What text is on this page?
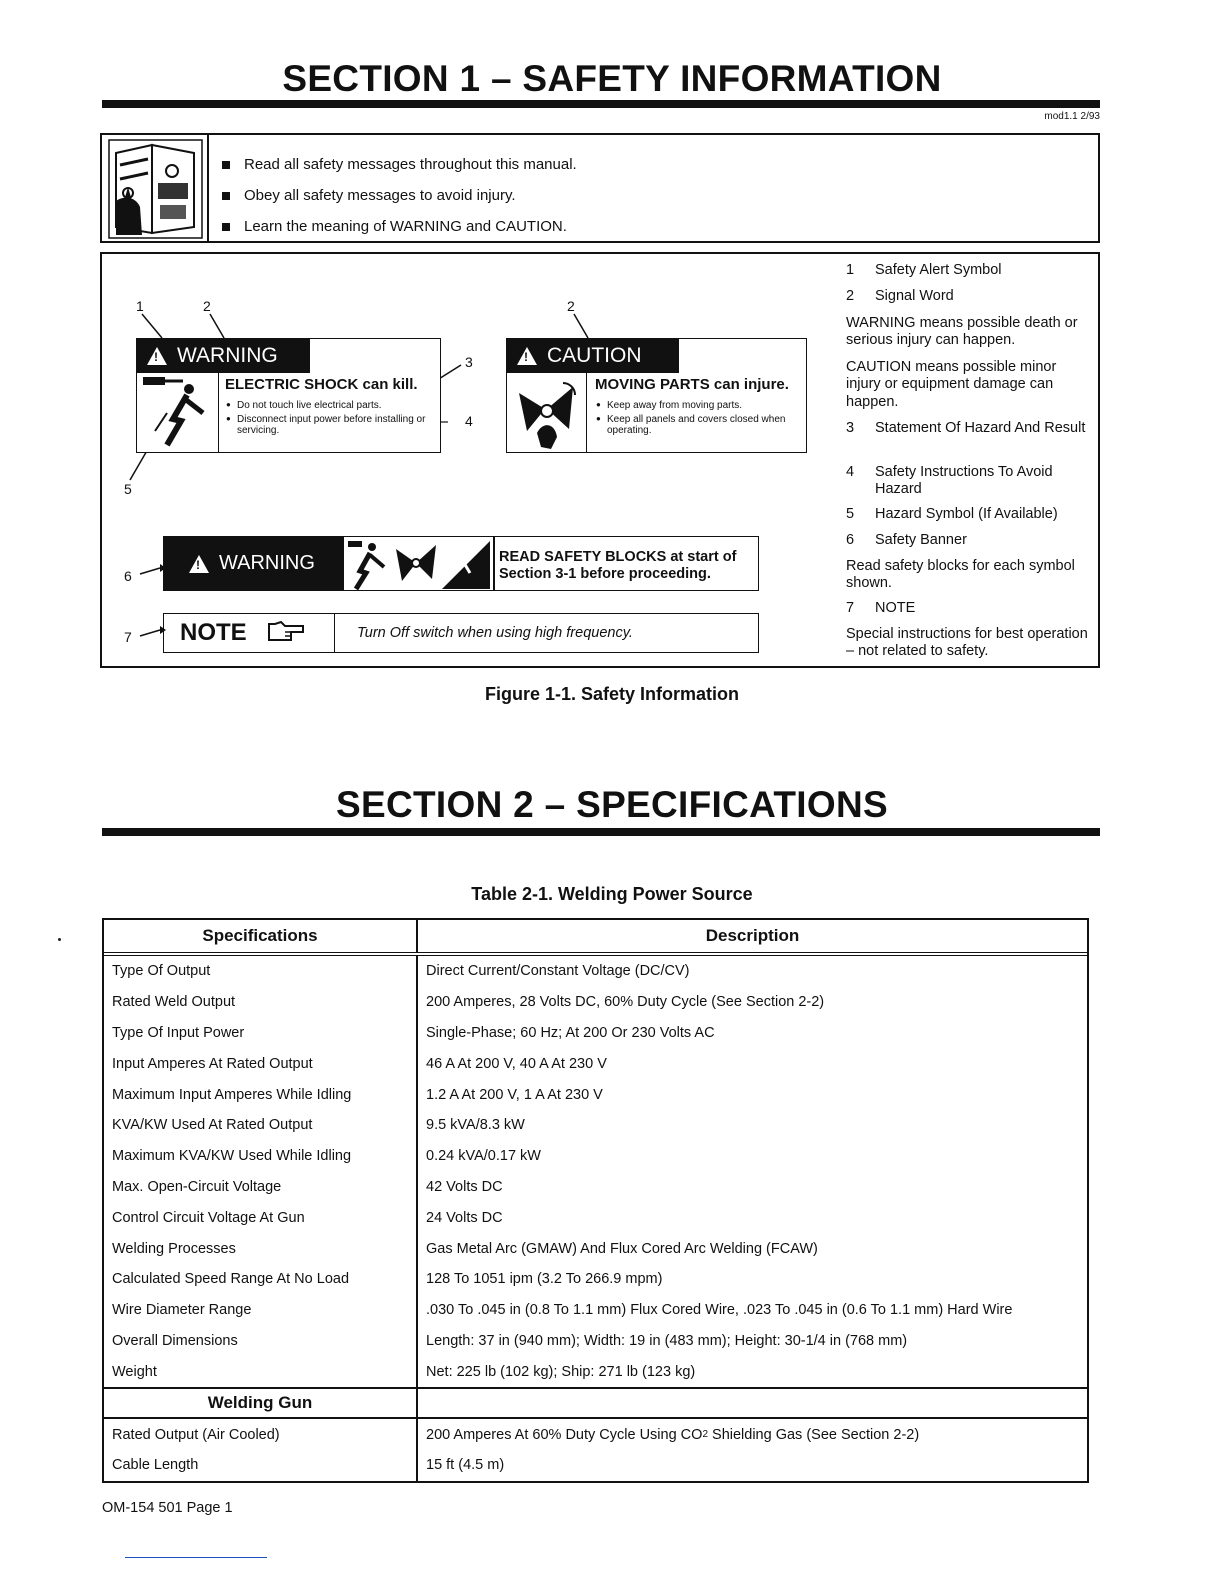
SECTION 1 – SAFETY INFORMATION
mod1.1 2/93
Read all safety messages throughout this manual.
Obey all safety messages to avoid injury.
Learn the meaning of WARNING and CAUTION.
1	2	2
3
4
5
6
7
!
WARNING
ELECTRIC SHOCK can kill.
● Do not touch live electrical parts.
● Disconnect input power before installing or servicing.
!
CAUTION
MOVING PARTS can injure.
● Keep away from moving parts.
● Keep all panels and covers closed when operating.
!
WARNING	READ SAFETY BLOCKS at start of
Section 3-1 before proceeding.
NOTE	Turn Off switch when using high frequency.
1 Safety Alert Symbol
2 Signal Word
WARNING means possible death or serious injury can happen.
CAUTION means possible minor injury or equipment damage can happen.
3 Statement Of Hazard And Result
4 Safety Instructions To Avoid Hazard
5 Hazard Symbol (If Available)
6 Safety Banner
Read safety blocks for each symbol shown.
7 NOTE
Special instructions for best operation – not related to safety.
Figure 1-1. Safety Information
SECTION 2 – SPECIFICATIONS
Table 2-1. Welding Power Source
Specifications	Description
Type Of Output	Direct Current/Constant Voltage (DC/CV)
Rated Weld Output	200 Amperes, 28 Volts DC, 60% Duty Cycle (See Section 2-2)
Type Of Input Power	Single-Phase; 60 Hz; At 200 Or 230 Volts AC
Input Amperes At Rated Output	46 A At 200 V, 40 A At 230 V
Maximum Input Amperes While Idling	1.2 A At 200 V, 1 A At 230 V
KVA/KW Used At Rated Output	9.5 kVA/8.3 kW
Maximum KVA/KW Used While Idling	0.24 kVA/0.17 kW
Max. Open-Circuit Voltage	42 Volts DC
Control Circuit Voltage At Gun	24 Volts DC
Welding Processes	Gas Metal Arc (GMAW) And Flux Cored Arc Welding (FCAW)
Calculated Speed Range At No Load	128 To 1051 ipm (3.2 To 266.9 mpm)
Wire Diameter Range	.030 To .045 in (0.8 To 1.1 mm) Flux Cored Wire, .023 To .045 in (0.6 To 1.1 mm) Hard Wire
Overall Dimensions	Length: 37 in (940 mm); Width: 19 in (483 mm); Height: 30-1/4 in (768 mm)
Weight	Net: 225 lb (102 kg); Ship: 271 lb (123 kg)
Welding Gun
Rated Output (Air Cooled)	200 Amperes At 60% Duty Cycle Using CO 2 Shielding Gas (See Section 2-2)
Cable Length	15 ft (4.5 m)
OM-154 501 Page 1
